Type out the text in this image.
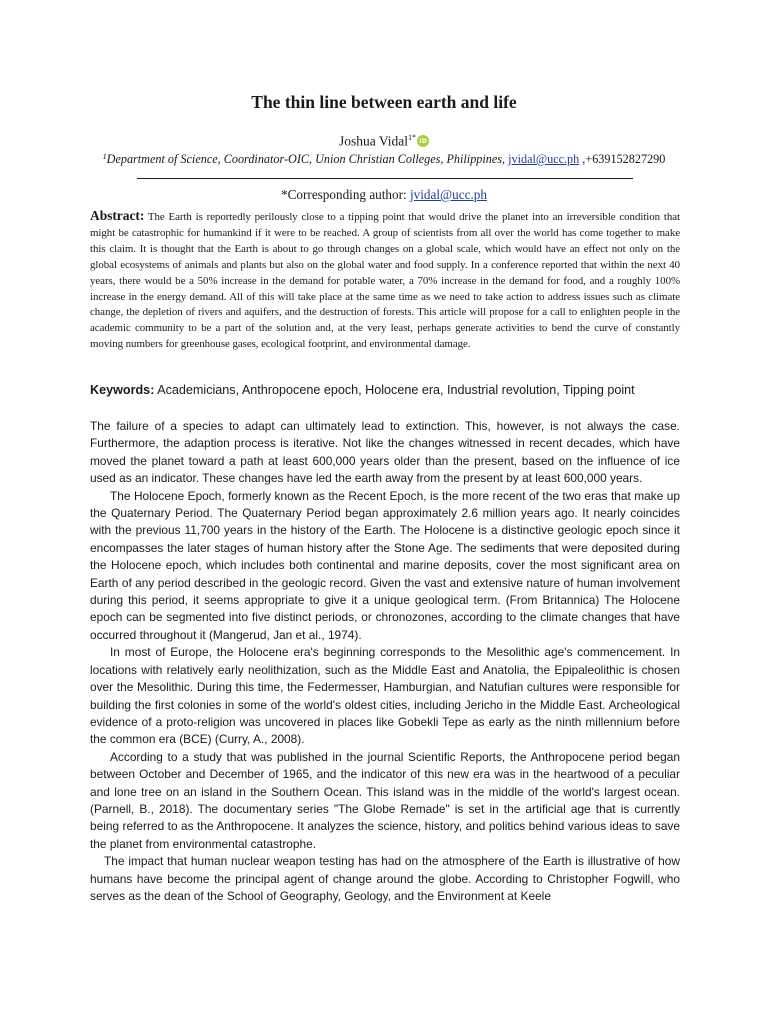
The thin line between earth and life
Joshua Vidal$^{1*}$ iD
$^1$Department of Science, Coordinator-OIC, Union Christian Colleges, Philippines, jvidal@ucc.ph ,+639152827290
*Corresponding author: jvidal@ucc.ph
Abstract: The Earth is reportedly perilously close to a tipping point that would drive the planet into an irreversible condition that might be catastrophic for humankind if it were to be reached. A group of scientists from all over the world has come together to make this claim. It is thought that the Earth is about to go through changes on a global scale, which would have an effect not only on the global ecosystems of animals and plants but also on the global water and food supply. In a conference reported that within the next 40 years, there would be a 50% increase in the demand for potable water, a 70% increase in the demand for food, and a roughly 100% increase in the energy demand. All of this will take place at the same time as we need to take action to address issues such as climate change, the depletion of rivers and aquifers, and the destruction of forests. This article will propose for a call to enlighten people in the academic community to be a part of the solution and, at the very least, perhaps generate activities to bend the curve of constantly moving numbers for greenhouse gases, ecological footprint, and environmental damage.
Keywords: Academicians, Anthropocene epoch, Holocene era, Industrial revolution, Tipping point

The failure of a species to adapt can ultimately lead to extinction. This, however, is not always the case. Furthermore, the adaption process is iterative. Not like the changes witnessed in recent decades, which have moved the planet toward a path at least 600,000 years older than the present, based on the influence of ice used as an indicator. These changes have led the earth away from the present by at least 600,000 years.

The Holocene Epoch, formerly known as the Recent Epoch, is the more recent of the two eras that make up the Quaternary Period. The Quaternary Period began approximately 2.6 million years ago. It nearly coincides with the previous 11,700 years in the history of the Earth. The Holocene is a distinctive geologic epoch since it encompasses the later stages of human history after the Stone Age. The sediments that were deposited during the Holocene epoch, which includes both continental and marine deposits, cover the most significant area on Earth of any period described in the geologic record. Given the vast and extensive nature of human involvement during this period, it seems appropriate to give it a unique geological term. (From Britannica) The Holocene epoch can be segmented into five distinct periods, or chronozones, according to the climate changes that have occurred throughout it (Mangerud, Jan et al., 1974).

In most of Europe, the Holocene era's beginning corresponds to the Mesolithic age's commencement. In locations with relatively early neolithization, such as the Middle East and Anatolia, the Epipaleolithic is chosen over the Mesolithic. During this time, the Federmesser, Hamburgian, and Natufian cultures were responsible for building the first colonies in some of the world's oldest cities, including Jericho in the Middle East. Archeological evidence of a proto-religion was uncovered in places like Gobekli Tepe as early as the ninth millennium before the common era (BCE) (Curry, A., 2008).

According to a study that was published in the journal Scientific Reports, the Anthropocene period began between October and December of 1965, and the indicator of this new era was in the heartwood of a peculiar and lone tree on an island in the Southern Ocean. This island was in the middle of the world's largest ocean. (Parnell, B., 2018). The documentary series "The Globe Remade" is set in the artificial age that is currently being referred to as the Anthropocene. It analyzes the science, history, and politics behind various ideas to save the planet from environmental catastrophe.

The impact that human nuclear weapon testing has had on the atmosphere of the Earth is illustrative of how humans have become the principal agent of change around the globe. According to Christopher Fogwill, who serves as the dean of the School of Geography, Geology, and the Environment at Keele
